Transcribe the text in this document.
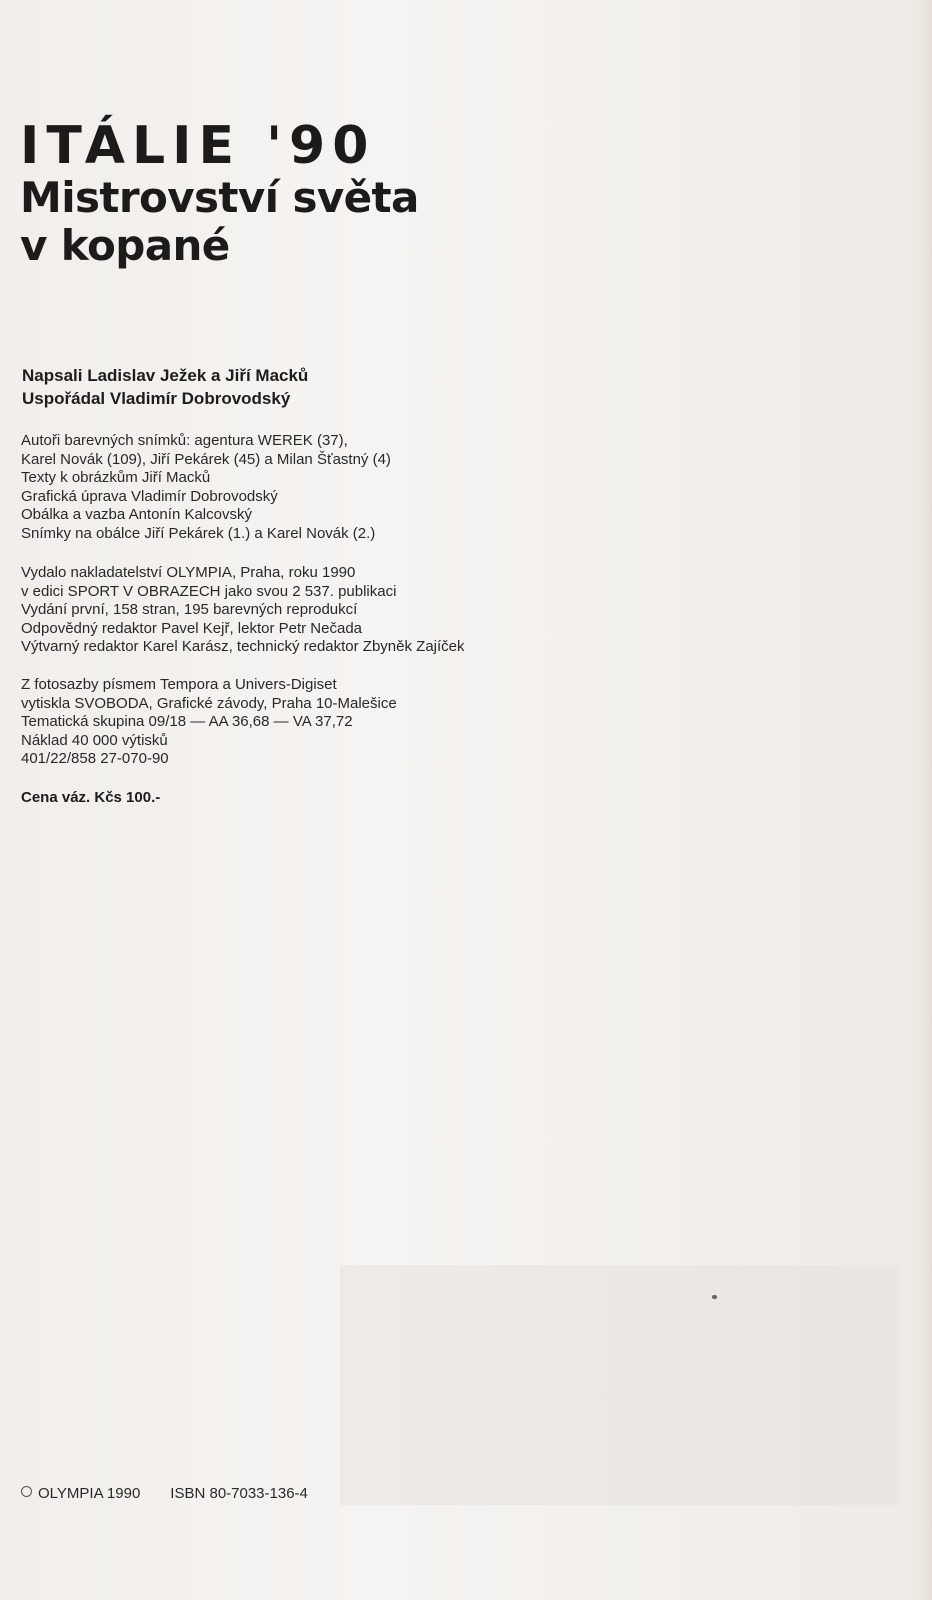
ITÁLIE '90
Mistrovství světa
v kopané
Napsali Ladislav Ježek a Jiří Macků
Uspořádal Vladimír Dobrovodský
Autoři barevných snímků: agentura WEREK (37),
Karel Novák (109), Jiří Pekárek (45) a Milan Šťastný (4)
Texty k obrázkům Jiří Macků
Grafická úprava Vladimír Dobrovodský
Obálka a vazba Antonín Kalcovský
Snímky na obálce Jiří Pekárek (1.) a Karel Novák (2.)
Vydalo nakladatelství OLYMPIA, Praha, roku 1990
v edici SPORT V OBRAZECH jako svou 2 537. publikaci
Vydání první, 158 stran, 195 barevných reprodukcí
Odpovědný redaktor Pavel Kejř, lektor Petr Nečada
Výtvarný redaktor Karel Karász, technický redaktor Zbyněk Zajíček
Z fotosazby písmem Tempora a Univers-Digiset
vytiskla SVOBODA, Grafické závody, Praha 10-Malešice
Tematická skupina 09/18 — AA 36,68 — VA 37,72
Náklad 40 000 výtisků
401/22/858 27-070-90
Cena váz. Kčs 100.-
OLYMPIA 1990 ISBN 80-7033-136-4
